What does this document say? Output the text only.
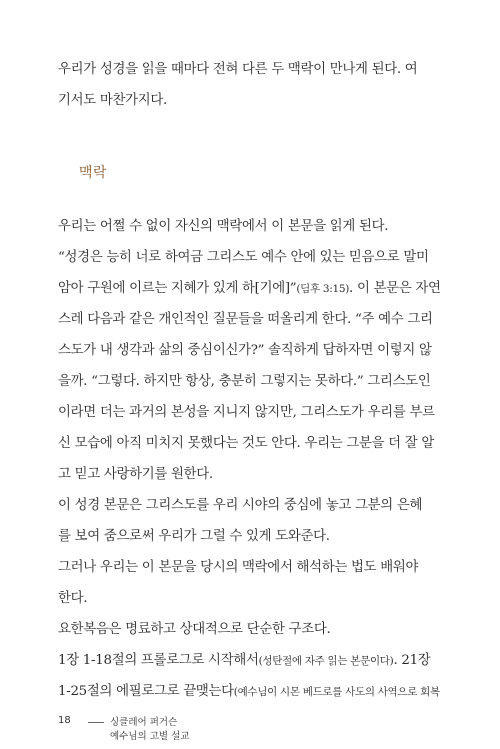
우리가 성경을 읽을 때마다 전혀 다른 두 맥락이 만나게 된다. 여
기서도 마찬가지다.
맥락
우리는 어쩔 수 없이 자신의 맥락에서 이 본문을 읽게 된다.
“성경은 능히 너로 하여금 그리스도 예수 안에 있는 믿음으로 말미
암아 구원에 이르는 지혜가 있게 하[기에]”(딤후 3:15). 이 본문은 자연
스레 다음과 같은 개인적인 질문들을 떠올리게 한다. “주 예수 그리
스도가 내 생각과 삶의 중심이신가?” 솔직하게 답하자면 이렇지 않
을까. “그렇다. 하지만 항상, 충분히 그렇지는 못하다.” 그리스도인
이라면 더는 과거의 본성을 지니지 않지만, 그리스도가 우리를 부르
신 모습에 아직 미치지 못했다는 것도 안다. 우리는 그분을 더 잘 알
고 믿고 사랑하기를 원한다.
이 성경 본문은 그리스도를 우리 시야의 중심에 놓고 그분의 은혜
를 보여 줌으로써 우리가 그럴 수 있게 도와준다.
그러나 우리는 이 본문을 당시의 맥락에서 해석하는 법도 배워야
한다.
요한복음은 명료하고 상대적으로 단순한 구조다.
1장 1-18절의 프롤로그로 시작해서(성탄절에 자주 읽는 본문이다). 21장
1-25절의 에필로그로 끝맺는다(예수님이 시몬 베드로를 사도의 사역으로 회복
18	싱클레어 퍼거슨
예수님의 고별 설교
